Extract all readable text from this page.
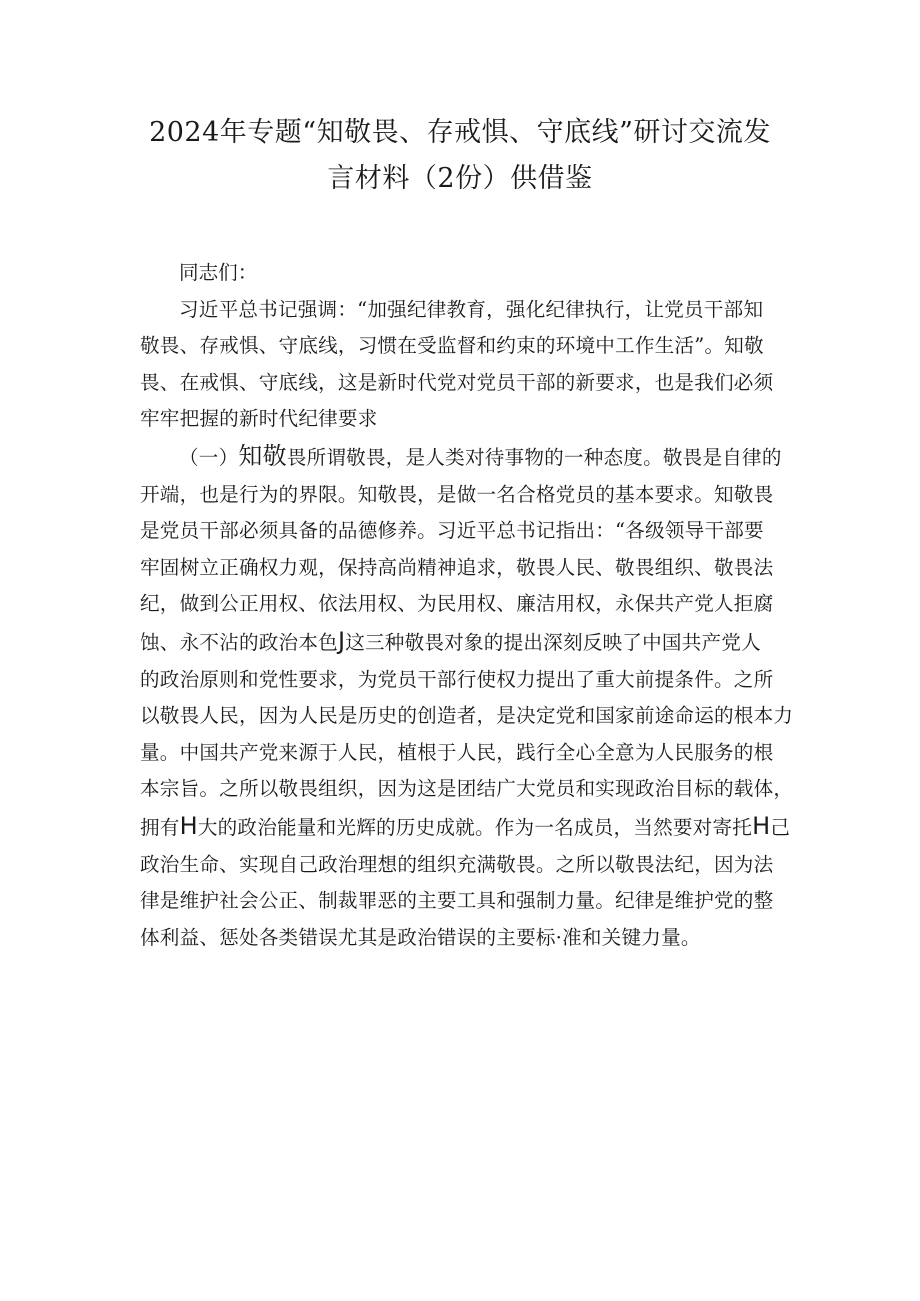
2024年专题“知敬畏、存戒惧、守底线”研讨交流发
言材料（2份）供借鉴

同志们：

习近平总书记强调：“加强纪律教育，强化纪律执行，让党员干部知
敬畏、存戒惧、守底线，习惯在受监督和约束的环境中工作生活”。知敬
畏、在戒惧、守底线，这是新时代党对党员干部的新要求，也是我们必须
牢牢把握的新时代纪律要求

（一）知敬畏所谓敬畏，是人类对待事物的一种态度。敬畏是自律的
开端，也是行为的界限。知敬畏，是做一名合格党员的基本要求。知敬畏
是党员干部必须具备的品德修养。习近平总书记指出：“各级领导干部要
牢固树立正确权力观，保持高尚精神追求，敬畏人民、敬畏组织、敬畏法
纪，做到公正用权、依法用权、为民用权、廉洁用权，永保共产党人拒腐
蚀、永不沾的政治本色J这三种敬畏对象的提出深刻反映了中国共产党人
的政治原则和党性要求，为党员干部行使权力提出了重大前提条件。之所
以敬畏人民，因为人民是历史的创造者，是决定党和国家前途命运的根本力
量。中国共产党来源于人民，植根于人民，践行全心全意为人民服务的根
本宗旨。之所以敬畏组织，因为这是团结广大党员和实现政治目标的载体，
拥有H大的政治能量和光辉的历史成就。作为一名成员，当然要对寄托H己
政治生命、实现自己政治理想的组织充满敬畏。之所以敬畏法纪，因为法
律是维护社会公正、制裁罪恶的主要工具和强制力量。纪律是维护党的整
体利益、惩处各类错误尤其是政治错误的主要标·准和关键力量。
